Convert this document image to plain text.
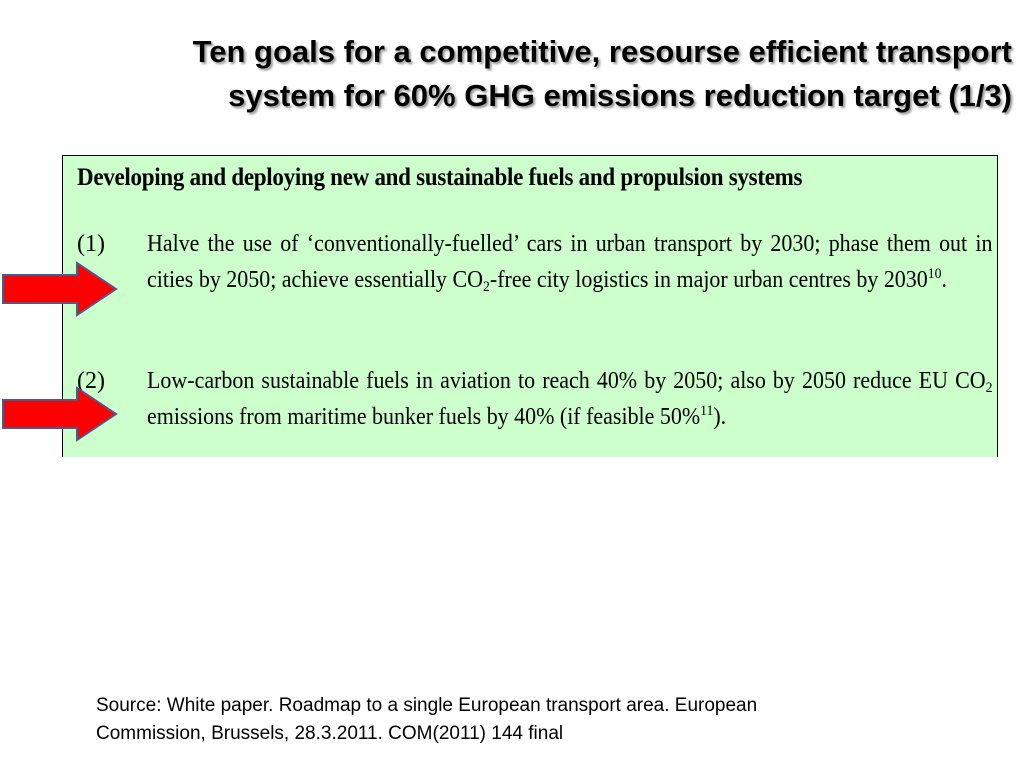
Ten goals for a competitive, resourse efficient transport
system for 60% GHG emissions reduction target (1/3)

Developing and deploying new and sustainable fuels and propulsion systems

(1) Halve the use of ‘conventionally-fuelled’ cars in urban transport by 2030; phase them out in cities by 2050; achieve essentially $CO_2$-free city logistics in major urban centres by 2030$^{10}$.
(2) Low-carbon sustainable fuels in aviation to reach 40% by 2050; also by 2050 reduce EU $CO_2$ emissions from maritime bunker fuels by 40% (if feasible 50%$^{11}$).

Source: White paper. Roadmap to a single European transport area. European
Commission, Brussels, 28.3.2011. COM(2011) 144 final
